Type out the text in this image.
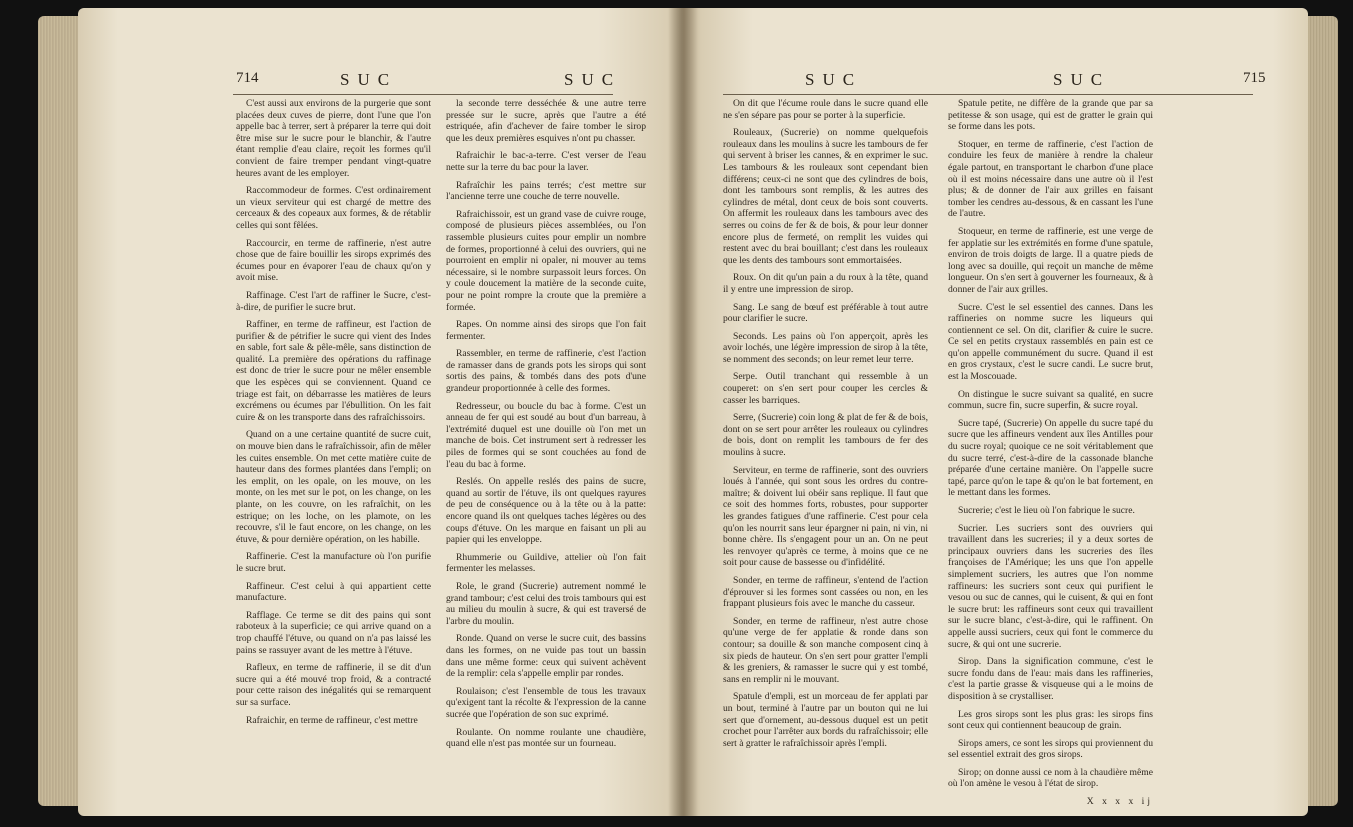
714	SUC	SUC

C'est aussi aux environs de la purgerie que sont placées deux cuves de pierre, dont l'une que l'on appelle bac à terrer, sert à préparer la terre qui doit être mise sur le sucre pour le blanchir, & l'autre étant remplie d'eau claire, reçoit les formes qu'il convient de faire tremper pendant vingt-quatre heures avant de les employer.

Raccommodeur de formes. C'est ordinairement un vieux serviteur qui est chargé de mettre des cerceaux & des copeaux aux formes, & de rétablir celles qui sont fêlées.

Raccourcir, en terme de raffinerie, n'est autre chose que de faire bouillir les sirops exprimés des écumes pour en évaporer l'eau de chaux qu'on y avoit mise.

Raffinage. C'est l'art de raffiner le Sucre, c'est-à-dire, de purifier le sucre brut.

Raffiner, en terme de raffineur, est l'action de purifier & de pétrifier le sucre qui vient des Indes en sable, fort sale & pêle-mêle, sans distinction de qualité. La première des opérations du raffinage est donc de trier le sucre pour ne mêler ensemble que les espèces qui se conviennent. Quand ce triage est fait, on débarrasse les matières de leurs excrémens ou écumes par l'ébullition. On les fait cuire & on les transporte dans des rafraîchissoirs.

Quand on a une certaine quantité de sucre cuit, on mouve bien dans le rafraîchissoir, afin de mêler les cuites ensemble. On met cette matière cuite de hauteur dans des formes plantées dans l'empli; on les emplit, on les opale, on les mouve, on les monte, on les met sur le pot, on les change, on les plante, on les couvre, on les rafraîchit, on les estrique; on les loche, on les plamote, on les recouvre, s'il le faut encore, on les change, on les étuve, & pour dernière opération, on les habille.

Raffinerie. C'est la manufacture où l'on purifie le sucre brut.

Raffineur. C'est celui à qui appartient cette manufacture.

Rafflage. Ce terme se dit des pains qui sont raboteux à la superficie; ce qui arrive quand on a trop chauffé l'étuve, ou quand on n'a pas laissé les pains se rassuyer avant de les mettre à l'étuve.

Rafleux, en terme de raffinerie, il se dit d'un sucre qui a été mouvé trop froid, & a contracté pour cette raison des inégalités qui se remarquent sur sa surface.

Rafraichir, en terme de raffineur, c'est mettre

la seconde terre desséchée & une autre terre pressée sur le sucre, après que l'autre a été estriquée, afin d'achever de faire tomber le sirop que les deux premières esquives n'ont pu chasser.

Rafraichir le bac-a-terre. C'est verser de l'eau nette sur la terre du bac pour la laver.

Rafraîchir les pains terrés; c'est mettre sur l'ancienne terre une couche de terre nouvelle.

Rafraichissoir, est un grand vase de cuivre rouge, composé de plusieurs pièces assemblées, ou l'on rassemble plusieurs cuites pour emplir un nombre de formes, proportionné à celui des ouvriers, qui ne pourroient en emplir ni opaler, ni mouver au tems nécessaire, si le nombre surpassoit leurs forces. On y coule doucement la matière de la seconde cuite, pour ne point rompre la croute que la première a formée.

Rapes. On nomme ainsi des sirops que l'on fait fermenter.

Rassembler, en terme de raffinerie, c'est l'action de ramasser dans de grands pots les sirops qui sont sortis des pains, & tombés dans des pots d'une grandeur proportionnée à celle des formes.

Redresseur, ou boucle du bac à forme. C'est un anneau de fer qui est soudé au bout d'un barreau, à l'extrémité duquel est une douille où l'on met un manche de bois. Cet instrument sert à redresser les piles de formes qui se sont couchées au fond de l'eau du bac à forme.

Reslés. On appelle reslés des pains de sucre, quand au sortir de l'étuve, ils ont quelques rayures de peu de conséquence ou à la tête ou à la patte: encore quand ils ont quelques taches légères ou des coups d'étuve. On les marque en faisant un pli au papier qui les enveloppe.

Rhummerie ou Guildive, attelier où l'on fait fermenter les melasses.

Role, le grand (Sucrerie) autrement nommé le grand tambour; c'est celui des trois tambours qui est au milieu du moulin à sucre, & qui est traversé de l'arbre du moulin.

Ronde. Quand on verse le sucre cuit, des bassins dans les formes, on ne vuide pas tout un bassin dans une même forme: ceux qui suivent achèvent de la remplir: cela s'appelle emplir par rondes.

Roulaison; c'est l'ensemble de tous les travaux qu'exigent tant la récolte & l'expression de la canne sucrée que l'opération de son suc exprimé.

Roulante. On nomme roulante une chaudière, quand elle n'est pas montée sur un fourneau.

SUC	SUC	715

On dit que l'écume roule dans le sucre quand elle ne s'en sépare pas pour se porter à la superficie.

Rouleaux, (Sucrerie) on nomme quelquefois rouleaux dans les moulins à sucre les tambours de fer qui servent à briser les cannes, & en exprimer le suc. Les tambours & les rouleaux sont cependant bien différens; ceux-ci ne sont que des cylindres de bois, dont les tambours sont remplis, & les autres des cylindres de métal, dont ceux de bois sont couverts. On affermit les rouleaux dans les tambours avec des serres ou coins de fer & de bois, & pour leur donner encore plus de fermeté, on remplit les vuides qui restent avec du brai bouillant; c'est dans les rouleaux que les dents des tambours sont emmortaisées.

Roux. On dit qu'un pain a du roux à la tête, quand il y entre une impression de sirop.

Sang. Le sang de bœuf est préférable à tout autre pour clarifier le sucre.

Seconds. Les pains où l'on apperçoit, après les avoir lochés, une légère impression de sirop à la tête, se nomment des seconds; on leur remet leur terre.

Serpe. Outil tranchant qui ressemble à un couperet: on s'en sert pour couper les cercles & casser les barriques.

Serre, (Sucrerie) coin long & plat de fer & de bois, dont on se sert pour arrêter les rouleaux ou cylindres de bois, dont on remplit les tambours de fer des moulins à sucre.

Serviteur, en terme de raffinerie, sont des ouvriers loués à l'année, qui sont sous les ordres du contre-maître; & doivent lui obéir sans replique. Il faut que ce soit des hommes forts, robustes, pour supporter les grandes fatigues d'une raffinerie. C'est pour cela qu'on les nourrit sans leur épargner ni pain, ni vin, ni bonne chère. Ils s'engagent pour un an. On ne peut les renvoyer qu'après ce terme, à moins que ce ne soit pour cause de bassesse ou d'infidélité.

Sonder, en terme de raffineur, s'entend de l'action d'éprouver si les formes sont cassées ou non, en les frappant plusieurs fois avec le manche du casseur.

Sonder, en terme de raffineur, n'est autre chose qu'une verge de fer applatie & ronde dans son contour; sa douille & son manche composent cinq à six pieds de hauteur. On s'en sert pour gratter l'empli & les greniers, & ramasser le sucre qui y est tombé, sans en remplir ni le mouvant.

Spatule d'empli, est un morceau de fer applati par un bout, terminé à l'autre par un bouton qui ne lui sert que d'ornement, au-dessous duquel est un petit crochet pour l'arrêter aux bords du rafraîchissoir; elle sert à gratter le rafraîchissoir après l'empli.

Spatule petite, ne diffère de la grande que par sa petitesse & son usage, qui est de gratter le grain qui se forme dans les pots.

Stoquer, en terme de raffinerie, c'est l'action de conduire les feux de manière à rendre la chaleur égale partout, en transportant le charbon d'une place où il est moins nécessaire dans une autre où il l'est plus; & de donner de l'air aux grilles en faisant tomber les cendres au-dessous, & en cassant les l'une de l'autre.

Stoqueur, en terme de raffinerie, est une verge de fer applatie sur les extrémités en forme d'une spatule, environ de trois doigts de large. Il a quatre pieds de long avec sa douille, qui reçoit un manche de même longueur. On s'en sert à gouverner les fourneaux, & à donner de l'air aux grilles.

Sucre. C'est le sel essentiel des cannes. Dans les raffineries on nomme sucre les liqueurs qui contiennent ce sel. On dit, clarifier & cuire le sucre. Ce sel en petits crystaux rassemblés en pain est ce qu'on appelle communément du sucre. Quand il est en gros crystaux, c'est le sucre candi. Le sucre brut, est la Moscouade.

On distingue le sucre suivant sa qualité, en sucre commun, sucre fin, sucre superfin, & sucre royal.

Sucre tapé, (Sucrerie) On appelle du sucre tapé du sucre que les affineurs vendent aux îles Antilles pour du sucre royal; quoique ce ne soit véritablement que du sucre terré, c'est-à-dire de la cassonade blanche préparée d'une certaine manière. On l'appelle sucre tapé, parce qu'on le tape & qu'on le bat fortement, en le mettant dans les formes.

Sucrerie; c'est le lieu où l'on fabrique le sucre.

Sucrier. Les sucriers sont des ouvriers qui travaillent dans les sucreries; il y a deux sortes de principaux ouvriers dans les sucreries des îles françoises de l'Amérique; les uns que l'on appelle simplement sucriers, les autres que l'on nomme raffineurs: les sucriers sont ceux qui purifient le vesou ou suc de cannes, qui le cuisent, & qui en font le sucre brut: les raffineurs sont ceux qui travaillent sur le sucre blanc, c'est-à-dire, qui le raffinent. On appelle aussi sucriers, ceux qui font le commerce du sucre, & qui ont une sucrerie.

Sirop. Dans la signification commune, c'est le sucre fondu dans de l'eau: mais dans les raffineries, c'est la partie grasse & visqueuse qui a le moins de disposition à se crystalliser.

Les gros sirops sont les plus gras: les sirops fins sont ceux qui contiennent beaucoup de grain.

Sirops amers, ce sont les sirops qui proviennent du sel essentiel extrait des gros sirops.

Sirop; on donne aussi ce nom à la chaudière même où l'on amène le vesou à l'état de sirop.

X x x x ij
